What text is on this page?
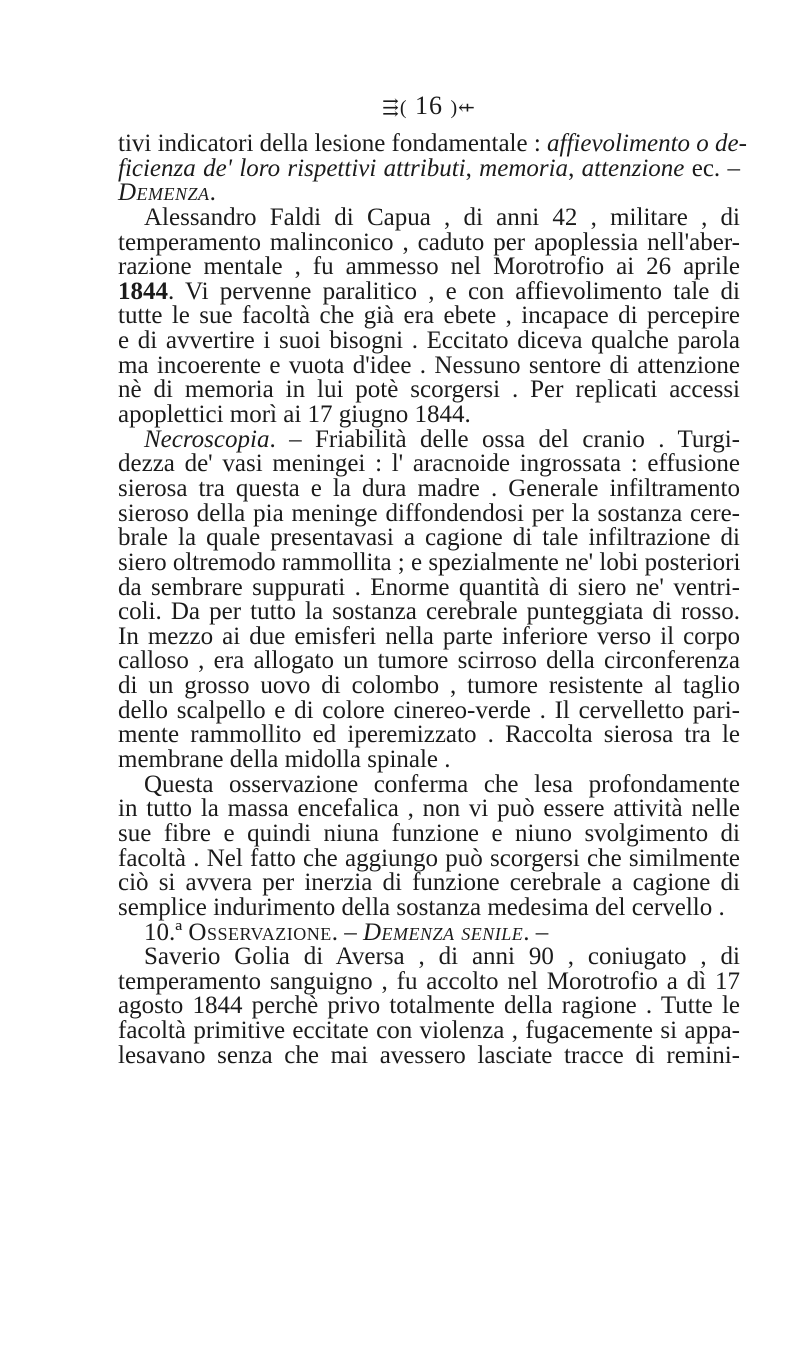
⇶( 16 )⇷
tivi indicatori della lesione fondamentale : affievolimento o de-
ficienza de' loro rispettivi attributi, memoria, attenzione ec. –
Demenza.
Alessandro Faldi di Capua , di anni 42 , militare , di
temperamento malinconico , caduto per apoplessia nell'aber-
razione mentale , fu ammesso nel Morotrofio ai 26 aprile
1844. Vi pervenne paralitico , e con affievolimento tale di
tutte le sue facoltà che già era ebete , incapace di percepire
e di avvertire i suoi bisogni . Eccitato diceva qualche parola
ma incoerente e vuota d'idee . Nessuno sentore di attenzione
nè di memoria in lui potè scorgersi . Per replicati accessi
apoplettici morì ai 17 giugno 1844.
Necroscopia. – Friabilità delle ossa del cranio . Turgi-
dezza de' vasi meningei : l' aracnoide ingrossata : effusione
sierosa tra questa e la dura madre . Generale infiltramento
sieroso della pia meninge diffondendosi per la sostanza cere-
brale la quale presentavasi a cagione di tale infiltrazione di
siero oltremodo rammollita ; e spezialmente ne' lobi posteriori
da sembrare suppurati . Enorme quantità di siero ne' ventri-
coli. Da per tutto la sostanza cerebrale punteggiata di rosso.
In mezzo ai due emisferi nella parte inferiore verso il corpo
calloso , era allogato un tumore scirroso della circonferenza
di un grosso uovo di colombo , tumore resistente al taglio
dello scalpello e di colore cinereo-verde . Il cervelletto pari-
mente rammollito ed iperemizzato . Raccolta sierosa tra le
membrane della midolla spinale .
Questa osservazione conferma che lesa profondamente
in tutto la massa encefalica , non vi può essere attività nelle
sue fibre e quindi niuna funzione e niuno svolgimento di
facoltà . Nel fatto che aggiungo può scorgersi che similmente
ciò si avvera per inerzia di funzione cerebrale a cagione di
semplice indurimento della sostanza medesima del cervello .
10.ª Osservazione. – Demenza senile. –
Saverio Golia di Aversa , di anni 90 , coniugato , di
temperamento sanguigno , fu accolto nel Morotrofio a dì 17
agosto 1844 perchè privo totalmente della ragione . Tutte le
facoltà primitive eccitate con violenza , fugacemente si appa-
lesavano senza che mai avessero lasciate tracce di remini-
